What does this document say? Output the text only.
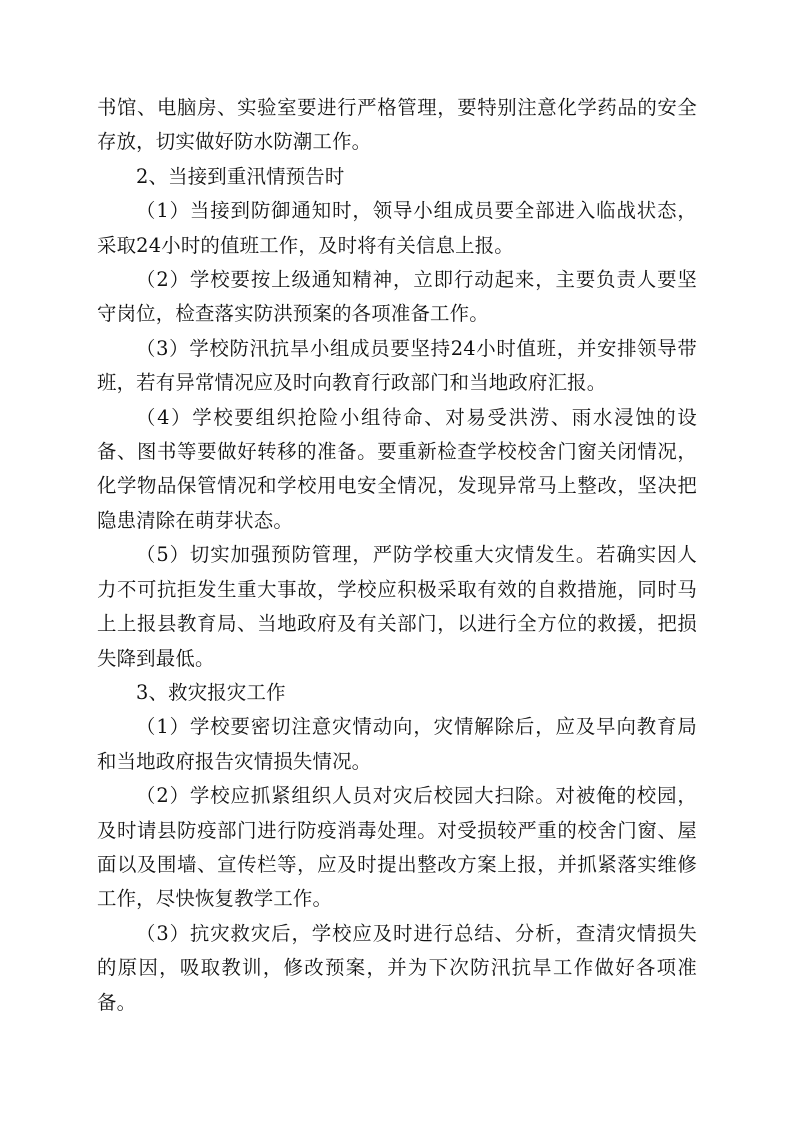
书馆、电脑房、实验室要进行严格管理，要特别注意化学药品的安全存放，切实做好防水防潮工作。

2、当接到重汛情预告时

（1）当接到防御通知时，领导小组成员要全部进入临战状态，采取24小时的值班工作，及时将有关信息上报。

（2）学校要按上级通知精神，立即行动起来，主要负责人要坚守岗位，检查落实防洪预案的各项准备工作。

（3）学校防汛抗旱小组成员要坚持24小时值班，并安排领导带班，若有异常情况应及时向教育行政部门和当地政府汇报。

（4）学校要组织抢险小组待命、对易受洪涝、雨水浸蚀的设备、图书等要做好转移的准备。要重新检查学校校舍门窗关闭情况，化学物品保管情况和学校用电安全情况，发现异常马上整改，坚决把隐患清除在萌芽状态。

（5）切实加强预防管理，严防学校重大灾情发生。若确实因人力不可抗拒发生重大事故，学校应积极采取有效的自救措施，同时马上上报县教育局、当地政府及有关部门，以进行全方位的救援，把损失降到最低。

3、救灾报灾工作

（1）学校要密切注意灾情动向，灾情解除后，应及早向教育局和当地政府报告灾情损失情况。

（2）学校应抓紧组织人员对灾后校园大扫除。对被俺的校园，及时请县防疫部门进行防疫消毒处理。对受损较严重的校舍门窗、屋面以及围墙、宣传栏等，应及时提出整改方案上报，并抓紧落实维修工作，尽快恢复教学工作。

（3）抗灾救灾后，学校应及时进行总结、分析，查清灾情损失的原因，吸取教训，修改预案，并为下次防汛抗旱工作做好各项准备。
